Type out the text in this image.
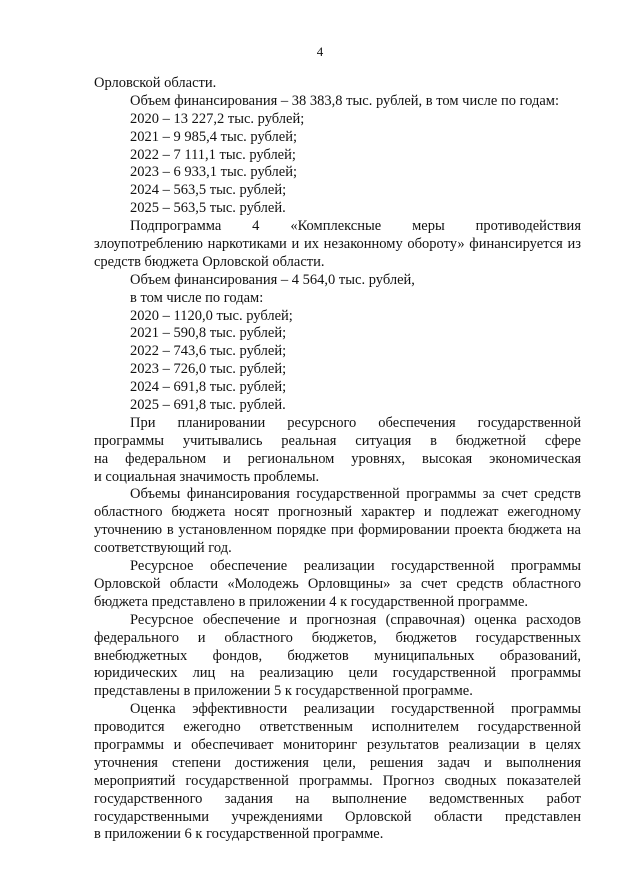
4
Орловской области.
Объем финансирования – 38 383,8 тыс. рублей, в том числе по годам:
2020 – 13 227,2 тыс. рублей;
2021 – 9 985,4 тыс. рублей;
2022 – 7 111,1 тыс. рублей;
2023 – 6 933,1 тыс. рублей;
2024 – 563,5 тыс. рублей;
2025 – 563,5 тыс. рублей.
Подпрограмма 4 «Комплексные меры противодействия
злоупотреблению наркотиками и их незаконному обороту» финансируется из
средств бюджета Орловской области.
Объем финансирования – 4 564,0 тыс. рублей,
в том числе по годам:
2020 – 1120,0 тыс. рублей;
2021 – 590,8 тыс. рублей;
2022 – 743,6 тыс. рублей;
2023 – 726,0 тыс. рублей;
2024 – 691,8 тыс. рублей;
2025 – 691,8 тыс. рублей.
При планировании ресурсного обеспечения государственной
программы учитывались реальная ситуация в бюджетной сфере
на федеральном и региональном уровнях, высокая экономическая
и социальная значимость проблемы.
Объемы финансирования государственной программы за счет средств
областного бюджета носят прогнозный характер и подлежат ежегодному
уточнению в установленном порядке при формировании проекта бюджета на
соответствующий год.
Ресурсное обеспечение реализации государственной программы
Орловской области «Молодежь Орловщины» за счет средств областного
бюджета представлено в приложении 4 к государственной программе.
Ресурсное обеспечение и прогнозная (справочная) оценка расходов
федерального и областного бюджетов, бюджетов государственных
внебюджетных фондов, бюджетов муниципальных образований,
юридических лиц на реализацию цели государственной программы
представлены в приложении 5 к государственной программе.
Оценка эффективности реализации государственной программы
проводится ежегодно ответственным исполнителем государственной
программы и обеспечивает мониторинг результатов реализации в целях
уточнения степени достижения цели, решения задач и выполнения
мероприятий государственной программы. Прогноз сводных показателей
государственного задания на выполнение ведомственных работ
государственными учреждениями Орловской области представлен
в приложении 6 к государственной программе.
